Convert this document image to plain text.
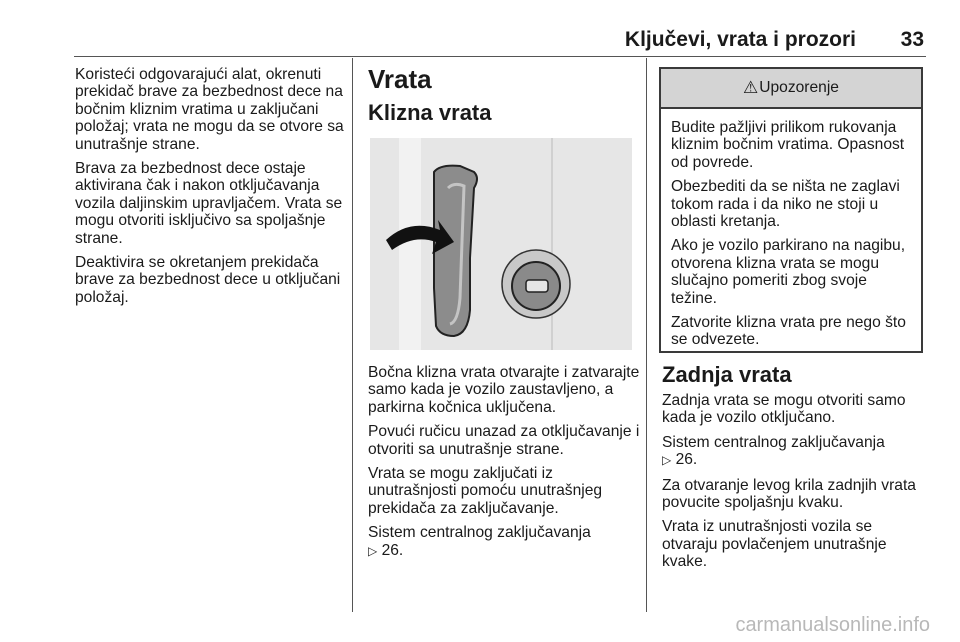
Ključevi, vrata i prozori 33

Koristeći odgovarajući alat, okrenuti prekidač brave za bezbednost dece na bočnim kliznim vratima u zaključani položaj; vrata ne mogu da se otvore sa unutrašnje strane.

Brava za bezbednost dece ostaje aktivirana čak i nakon otključavanja vozila daljinskim upravljačem. Vrata se mogu otvoriti isključivo sa spoljašnje strane.

Deaktivira se okretanjem prekidača brave za bezbednost dece u otključani položaj.

Vrata
Klizna vrata

Bočna klizna vrata otvarajte i zatvarajte samo kada je vozilo zaustavljeno, a parkirna kočnica uključena.

Povući ručicu unazad za otključavanje i otvoriti sa unutrašnje strane.

Vrata se mogu zaključati iz unutrašnjosti pomoću unutrašnjeg prekidača za zaključavanje.

Sistem centralnog zaključavanja
▷ 26.

⚠ Upozorenje

Budite pažljivi prilikom rukovanja kliznim bočnim vratima. Opasnost od povrede.

Obezbediti da se ništa ne zaglavi tokom rada i da niko ne stoji u oblasti kretanja.

Ako je vozilo parkirano na nagibu, otvorena klizna vrata se mogu slučajno pomeriti zbog svoje težine.

Zatvorite klizna vrata pre nego što se odvezete.

Zadnja vrata

Zadnja vrata se mogu otvoriti samo kada je vozilo otključano.

Sistem centralnog zaključavanja
▷ 26.

Za otvaranje levog krila zadnjih vrata povucite spoljašnju kvaku.

Vrata iz unutrašnjosti vozila se otvaraju povlačenjem unutrašnje kvake.

carmanualsonline.info
